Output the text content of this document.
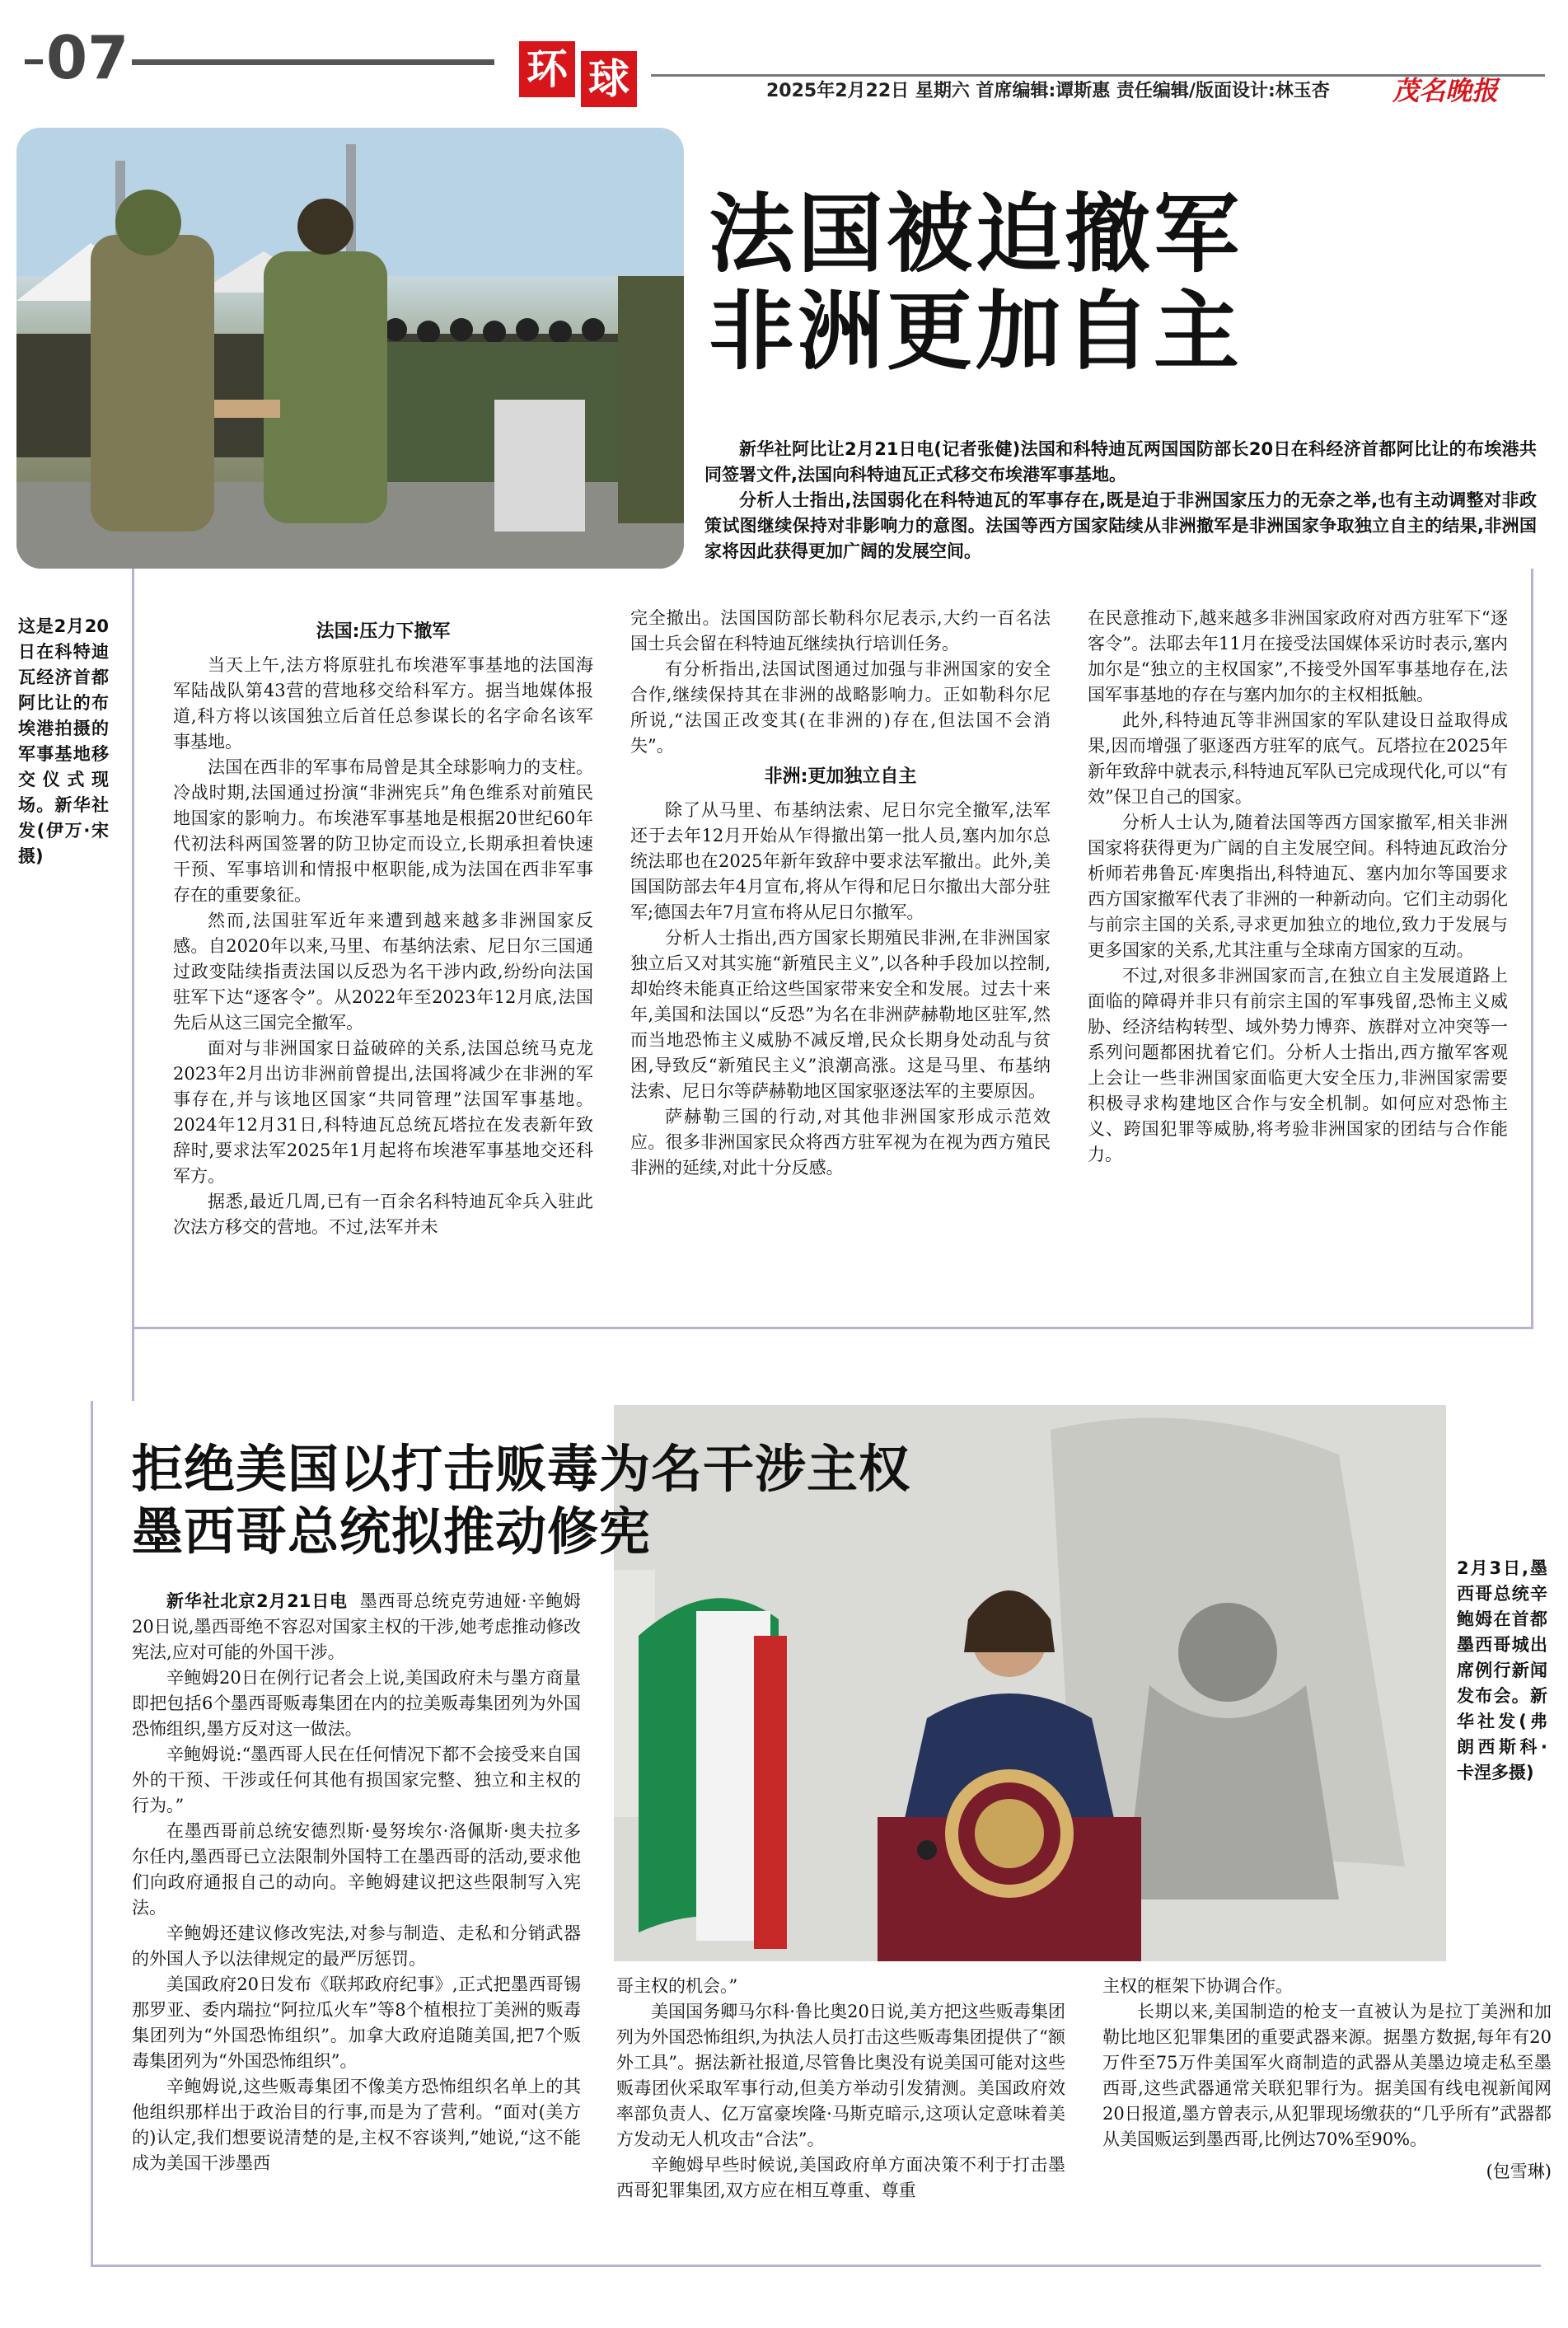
07	环 球	2025年2月22日 星期六 首席编辑:谭斯惠 责任编辑/版面设计:林玉杏 茂名晚报
法国被迫撤军
非洲更加自主

新华社阿比让2月21日电(记者张健)法国和科特迪瓦两国国防部长20日在科经济首都阿比让的布埃港共同签署文件,法国向科特迪瓦正式移交布埃港军事基地。

分析人士指出,法国弱化在科特迪瓦的军事存在,既是迫于非洲国家压力的无奈之举,也有主动调整对非政策试图继续保持对非影响力的意图。法国等西方国家陆续从非洲撤军是非洲国家争取独立自主的结果,非洲国家将因此获得更加广阔的发展空间。

这是2月20日在科特迪瓦经济首都阿比让的布埃港拍摄的军事基地移交仪式现场。新华社发(伊万·宋摄)
法国:压力下撤军

当天上午,法方将原驻扎布埃港军事基地的法国海军陆战队第43营的营地移交给科军方。据当地媒体报道,科方将以该国独立后首任总参谋长的名字命名该军事基地。

法国在西非的军事布局曾是其全球影响力的支柱。冷战时期,法国通过扮演“非洲宪兵”角色维系对前殖民地国家的影响力。布埃港军事基地是根据20世纪60年代初法科两国签署的防卫协定而设立,长期承担着快速干预、军事培训和情报中枢职能,成为法国在西非军事存在的重要象征。

然而,法国驻军近年来遭到越来越多非洲国家反感。自2020年以来,马里、布基纳法索、尼日尔三国通过政变陆续指责法国以反恐为名干涉内政,纷纷向法国驻军下达“逐客令”。从2022年至2023年12月底,法国先后从这三国完全撤军。

面对与非洲国家日益破碎的关系,法国总统马克龙2023年2月出访非洲前曾提出,法国将减少在非洲的军事存在,并与该地区国家“共同管理”法国军事基地。2024年12月31日,科特迪瓦总统瓦塔拉在发表新年致辞时,要求法军2025年1月起将布埃港军事基地交还科军方。

据悉,最近几周,已有一百余名科特迪瓦伞兵入驻此次法方移交的营地。不过,法军并未

完全撤出。法国国防部长勒科尔尼表示,大约一百名法国士兵会留在科特迪瓦继续执行培训任务。

有分析指出,法国试图通过加强与非洲国家的安全合作,继续保持其在非洲的战略影响力。正如勒科尔尼所说,“法国正改变其(在非洲的)存在,但法国不会消失”。

非洲:更加独立自主

除了从马里、布基纳法索、尼日尔完全撤军,法军还于去年12月开始从乍得撤出第一批人员,塞内加尔总统法耶也在2025年新年致辞中要求法军撤出。此外,美国国防部去年4月宣布,将从乍得和尼日尔撤出大部分驻军;德国去年7月宣布将从尼日尔撤军。

分析人士指出,西方国家长期殖民非洲,在非洲国家独立后又对其实施“新殖民主义”,以各种手段加以控制,却始终未能真正给这些国家带来安全和发展。过去十来年,美国和法国以“反恐”为名在非洲萨赫勒地区驻军,然而当地恐怖主义威胁不减反增,民众长期身处动乱与贫困,导致反“新殖民主义”浪潮高涨。这是马里、布基纳法索、尼日尔等萨赫勒地区国家驱逐法军的主要原因。

萨赫勒三国的行动,对其他非洲国家形成示范效应。很多非洲国家民众将西方驻军视为在视为西方殖民非洲的延续,对此十分反感。

在民意推动下,越来越多非洲国家政府对西方驻军下“逐客令”。法耶去年11月在接受法国媒体采访时表示,塞内加尔是“独立的主权国家”,不接受外国军事基地存在,法国军事基地的存在与塞内加尔的主权相抵触。

此外,科特迪瓦等非洲国家的军队建设日益取得成果,因而增强了驱逐西方驻军的底气。瓦塔拉在2025年新年致辞中就表示,科特迪瓦军队已完成现代化,可以“有效”保卫自己的国家。

分析人士认为,随着法国等西方国家撤军,相关非洲国家将获得更为广阔的自主发展空间。科特迪瓦政治分析师若弗鲁瓦·库奥指出,科特迪瓦、塞内加尔等国要求西方国家撤军代表了非洲的一种新动向。它们主动弱化与前宗主国的关系,寻求更加独立的地位,致力于发展与更多国家的关系,尤其注重与全球南方国家的互动。

不过,对很多非洲国家而言,在独立自主发展道路上面临的障碍并非只有前宗主国的军事残留,恐怖主义威胁、经济结构转型、域外势力博弈、族群对立冲突等一系列问题都困扰着它们。分析人士指出,西方撤军客观上会让一些非洲国家面临更大安全压力,非洲国家需要积极寻求构建地区合作与安全机制。如何应对恐怖主义、跨国犯罪等威胁,将考验非洲国家的团结与合作能力。

拒绝美国以打击贩毒为名干涉主权
墨西哥总统拟推动修宪
2月3日,墨西哥总统辛鲍姆在首都墨西哥城出席例行新闻发布会。新华社发(弗朗西斯科·卡涅多摄)

新华社北京2月21日电 墨西哥总统克劳迪娅·辛鲍姆20日说,墨西哥绝不容忍对国家主权的干涉,她考虑推动修改宪法,应对可能的外国干涉。

辛鲍姆20日在例行记者会上说,美国政府未与墨方商量即把包括6个墨西哥贩毒集团在内的拉美贩毒集团列为外国恐怖组织,墨方反对这一做法。

辛鲍姆说:“墨西哥人民在任何情况下都不会接受来自国外的干预、干涉或任何其他有损国家完整、独立和主权的行为。”

在墨西哥前总统安德烈斯·曼努埃尔·洛佩斯·奥夫拉多尔任内,墨西哥已立法限制外国特工在墨西哥的活动,要求他们向政府通报自己的动向。辛鲍姆建议把这些限制写入宪法。

辛鲍姆还建议修改宪法,对参与制造、走私和分销武器的外国人予以法律规定的最严厉惩罚。

美国政府20日发布《联邦政府纪事》,正式把墨西哥锡那罗亚、委内瑞拉“阿拉瓜火车”等8个植根拉丁美洲的贩毒集团列为“外国恐怖组织”。加拿大政府追随美国,把7个贩毒集团列为“外国恐怖组织”。

辛鲍姆说,这些贩毒集团不像美方恐怖组织名单上的其他组织那样出于政治目的行事,而是为了营利。“面对(美方的)认定,我们想要说清楚的是,主权不容谈判,”她说,“这不能成为美国干涉墨西

哥主权的机会。”

美国国务卿马尔科·鲁比奥20日说,美方把这些贩毒集团列为外国恐怖组织,为执法人员打击这些贩毒集团提供了“额外工具”。据法新社报道,尽管鲁比奥没有说美国可能对这些贩毒团伙采取军事行动,但美方举动引发猜测。美国政府效率部负责人、亿万富豪埃隆·马斯克暗示,这项认定意味着美方发动无人机攻击“合法”。

辛鲍姆早些时候说,美国政府单方面决策不利于打击墨西哥犯罪集团,双方应在相互尊重、尊重

主权的框架下协调合作。

长期以来,美国制造的枪支一直被认为是拉丁美洲和加勒比地区犯罪集团的重要武器来源。据墨方数据,每年有20万件至75万件美国军火商制造的武器从美墨边境走私至墨西哥,这些武器通常关联犯罪行为。据美国有线电视新闻网20日报道,墨方曾表示,从犯罪现场缴获的“几乎所有”武器都从美国贩运到墨西哥,比例达70%至90%。

(包雪琳)
